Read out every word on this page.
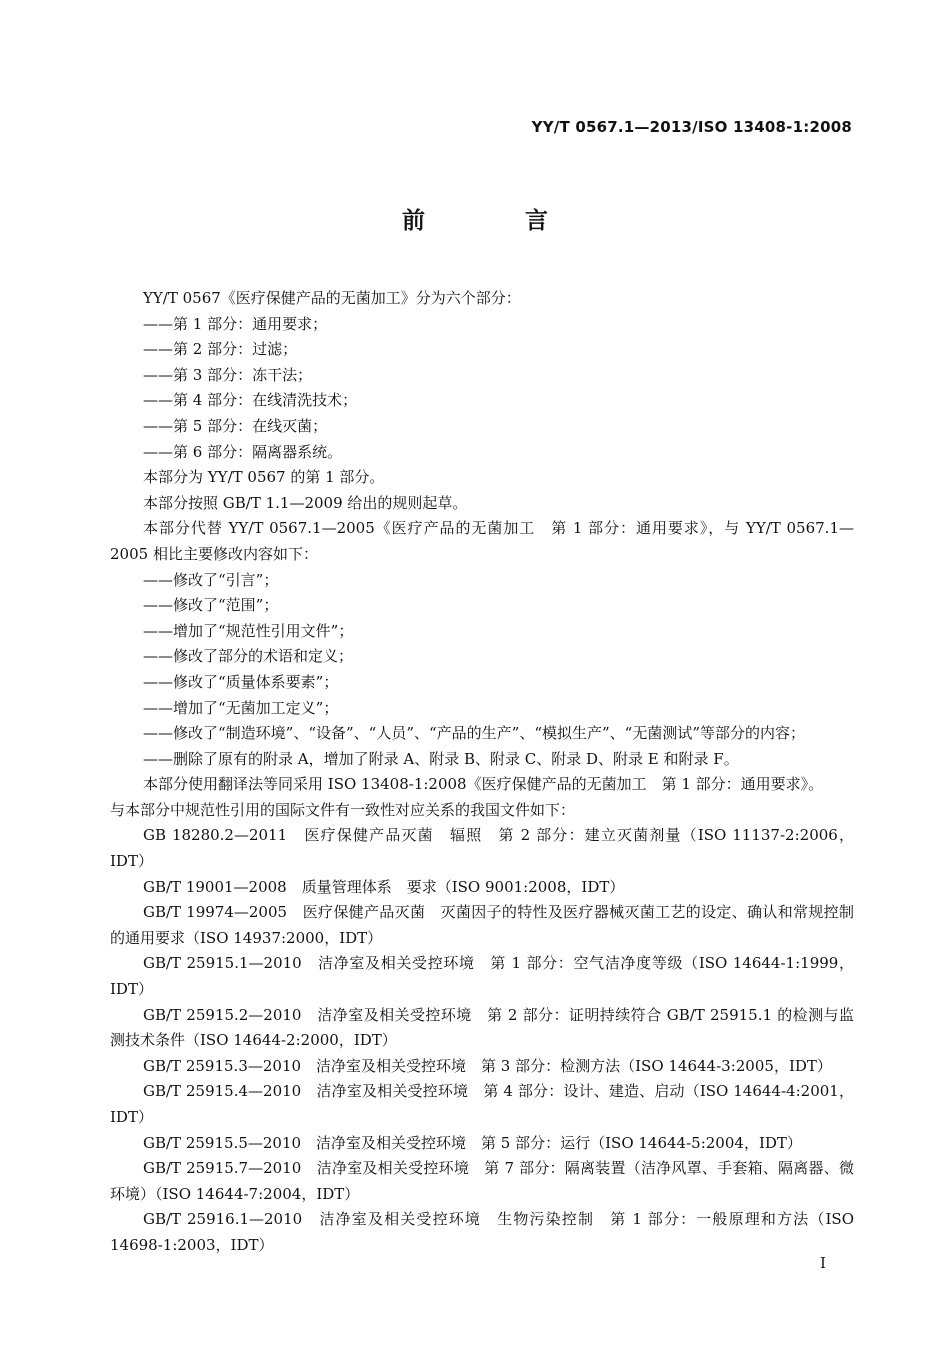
YY/T 0567.1—2013/ISO 13408-1:2008
前 言

YY/T 0567《医疗保健产品的无菌加工》分为六个部分：

——第 1 部分：通用要求；

——第 2 部分：过滤；

——第 3 部分：冻干法；

——第 4 部分：在线清洗技术；

——第 5 部分：在线灭菌；

——第 6 部分：隔离器系统。

本部分为 YY/T 0567 的第 1 部分。

本部分按照 GB/T 1.1—2009 给出的规则起草。

本部分代替 YY/T 0567.1—2005《医疗产品的无菌加工　第 1 部分：通用要求》，与 YY/T 0567.1—2005 相比主要修改内容如下：

——修改了“引言”；

——修改了“范围”；

——增加了“规范性引用文件”；

——修改了部分的术语和定义；

——修改了“质量体系要素”；

——增加了“无菌加工定义”；

——修改了“制造环境”、“设备”、“人员”、“产品的生产”、“模拟生产”、“无菌测试”等部分的内容；

——删除了原有的附录 A，增加了附录 A、附录 B、附录 C、附录 D、附录 E 和附录 F。

本部分使用翻译法等同采用 ISO 13408-1:2008《医疗保健产品的无菌加工　第 1 部分：通用要求》。

与本部分中规范性引用的国际文件有一致性对应关系的我国文件如下：

GB 18280.2—2011　医疗保健产品灭菌　辐照　第 2 部分：建立灭菌剂量（ISO 11137-2:2006，IDT）

GB/T 19001—2008　质量管理体系　要求（ISO 9001:2008，IDT）

GB/T 19974—2005　医疗保健产品灭菌　灭菌因子的特性及医疗器械灭菌工艺的设定、确认和常规控制的通用要求（ISO 14937:2000，IDT）

GB/T 25915.1—2010　洁净室及相关受控环境　第 1 部分：空气洁净度等级（ISO 14644-1:1999，IDT）

GB/T 25915.2—2010　洁净室及相关受控环境　第 2 部分：证明持续符合 GB/T 25915.1 的检测与监测技术条件（ISO 14644-2:2000，IDT）

GB/T 25915.3—2010　洁净室及相关受控环境　第 3 部分：检测方法（ISO 14644-3:2005，IDT）

GB/T 25915.4—2010　洁净室及相关受控环境　第 4 部分：设计、建造、启动（ISO 14644-4:2001，IDT）

GB/T 25915.5—2010　洁净室及相关受控环境　第 5 部分：运行（ISO 14644-5:2004，IDT）

GB/T 25915.7—2010　洁净室及相关受控环境　第 7 部分：隔离装置（洁净风罩、手套箱、隔离器、微环境）（ISO 14644-7:2004，IDT）

GB/T 25916.1—2010　洁净室及相关受控环境　生物污染控制　第 1 部分：一般原理和方法（ISO 14698-1:2003，IDT）

I
